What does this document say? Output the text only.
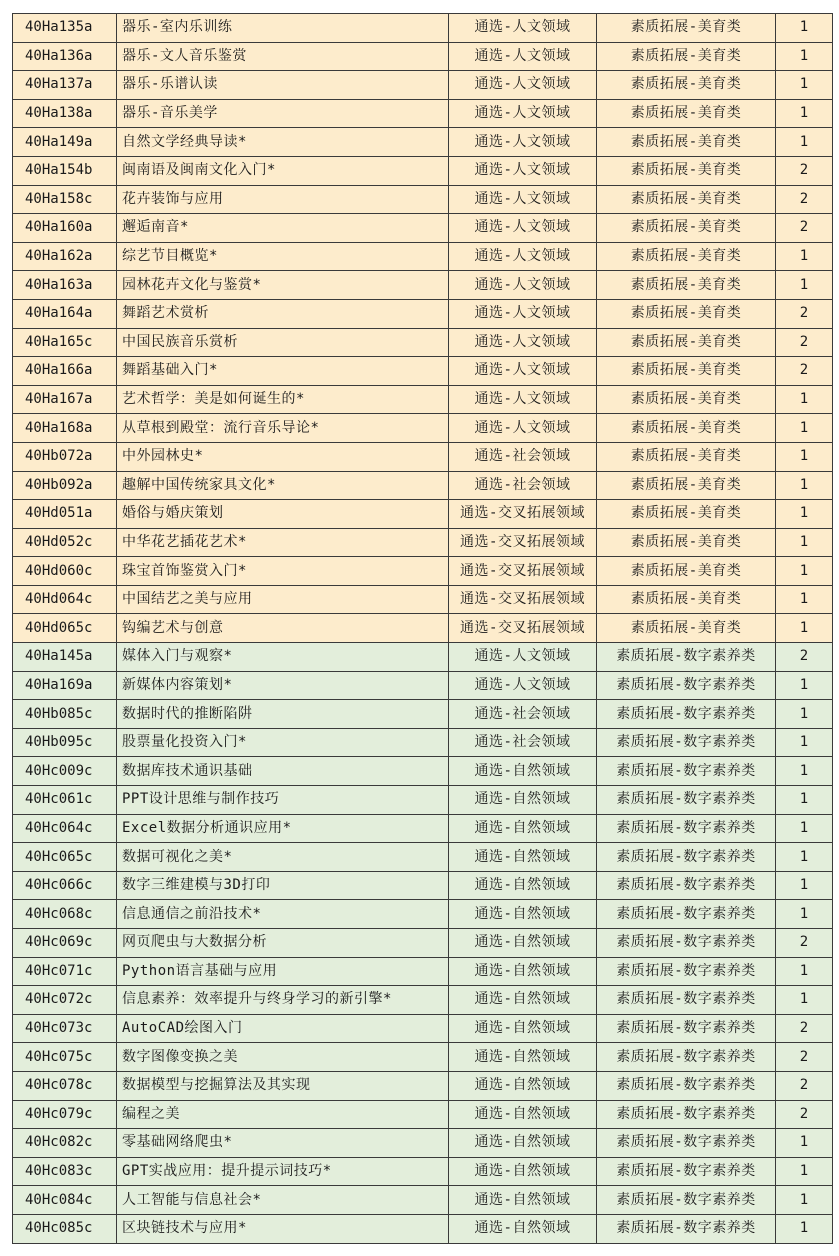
40Ha135a	器乐-室内乐训练	通选-人文领域	素质拓展-美育类	1
40Ha136a	器乐-文人音乐鉴赏	通选-人文领域	素质拓展-美育类	1
40Ha137a	器乐-乐谱认读	通选-人文领域	素质拓展-美育类	1
40Ha138a	器乐-音乐美学	通选-人文领域	素质拓展-美育类	1
40Ha149a	自然文学经典导读*	通选-人文领域	素质拓展-美育类	1
40Ha154b	闽南语及闽南文化入门*	通选-人文领域	素质拓展-美育类	2
40Ha158c	花卉装饰与应用	通选-人文领域	素质拓展-美育类	2
40Ha160a	邂逅南音*	通选-人文领域	素质拓展-美育类	2
40Ha162a	综艺节目概览*	通选-人文领域	素质拓展-美育类	1
40Ha163a	园林花卉文化与鉴赏*	通选-人文领域	素质拓展-美育类	1
40Ha164a	舞蹈艺术赏析	通选-人文领域	素质拓展-美育类	2
40Ha165c	中国民族音乐赏析	通选-人文领域	素质拓展-美育类	2
40Ha166a	舞蹈基础入门*	通选-人文领域	素质拓展-美育类	2
40Ha167a	艺术哲学：美是如何诞生的*	通选-人文领域	素质拓展-美育类	1
40Ha168a	从草根到殿堂：流行音乐导论*	通选-人文领域	素质拓展-美育类	1
40Hb072a	中外园林史*	通选-社会领域	素质拓展-美育类	1
40Hb092a	趣解中国传统家具文化*	通选-社会领域	素质拓展-美育类	1
40Hd051a	婚俗与婚庆策划	通选-交叉拓展领域	素质拓展-美育类	1
40Hd052c	中华花艺插花艺术*	通选-交叉拓展领域	素质拓展-美育类	1
40Hd060c	珠宝首饰鉴赏入门*	通选-交叉拓展领域	素质拓展-美育类	1
40Hd064c	中国结艺之美与应用	通选-交叉拓展领域	素质拓展-美育类	1
40Hd065c	钩编艺术与创意	通选-交叉拓展领域	素质拓展-美育类	1
40Ha145a	媒体入门与观察*	通选-人文领域	素质拓展-数字素养类	2
40Ha169a	新媒体内容策划*	通选-人文领域	素质拓展-数字素养类	1
40Hb085c	数据时代的推断陷阱	通选-社会领域	素质拓展-数字素养类	1
40Hb095c	股票量化投资入门*	通选-社会领域	素质拓展-数字素养类	1
40Hc009c	数据库技术通识基础	通选-自然领域	素质拓展-数字素养类	1
40Hc061c	PPT设计思维与制作技巧	通选-自然领域	素质拓展-数字素养类	1
40Hc064c	Excel数据分析通识应用*	通选-自然领域	素质拓展-数字素养类	1
40Hc065c	数据可视化之美*	通选-自然领域	素质拓展-数字素养类	1
40Hc066c	数字三维建模与3D打印	通选-自然领域	素质拓展-数字素养类	1
40Hc068c	信息通信之前沿技术*	通选-自然领域	素质拓展-数字素养类	1
40Hc069c	网页爬虫与大数据分析	通选-自然领域	素质拓展-数字素养类	2
40Hc071c	Python语言基础与应用	通选-自然领域	素质拓展-数字素养类	1
40Hc072c	信息素养：效率提升与终身学习的新引擎*	通选-自然领域	素质拓展-数字素养类	1
40Hc073c	AutoCAD绘图入门	通选-自然领域	素质拓展-数字素养类	2
40Hc075c	数字图像变换之美	通选-自然领域	素质拓展-数字素养类	2
40Hc078c	数据模型与挖掘算法及其实现	通选-自然领域	素质拓展-数字素养类	2
40Hc079c	编程之美	通选-自然领域	素质拓展-数字素养类	2
40Hc082c	零基础网络爬虫*	通选-自然领域	素质拓展-数字素养类	1
40Hc083c	GPT实战应用：提升提示词技巧*	通选-自然领域	素质拓展-数字素养类	1
40Hc084c	人工智能与信息社会*	通选-自然领域	素质拓展-数字素养类	1
40Hc085c	区块链技术与应用*	通选-自然领域	素质拓展-数字素养类	1
